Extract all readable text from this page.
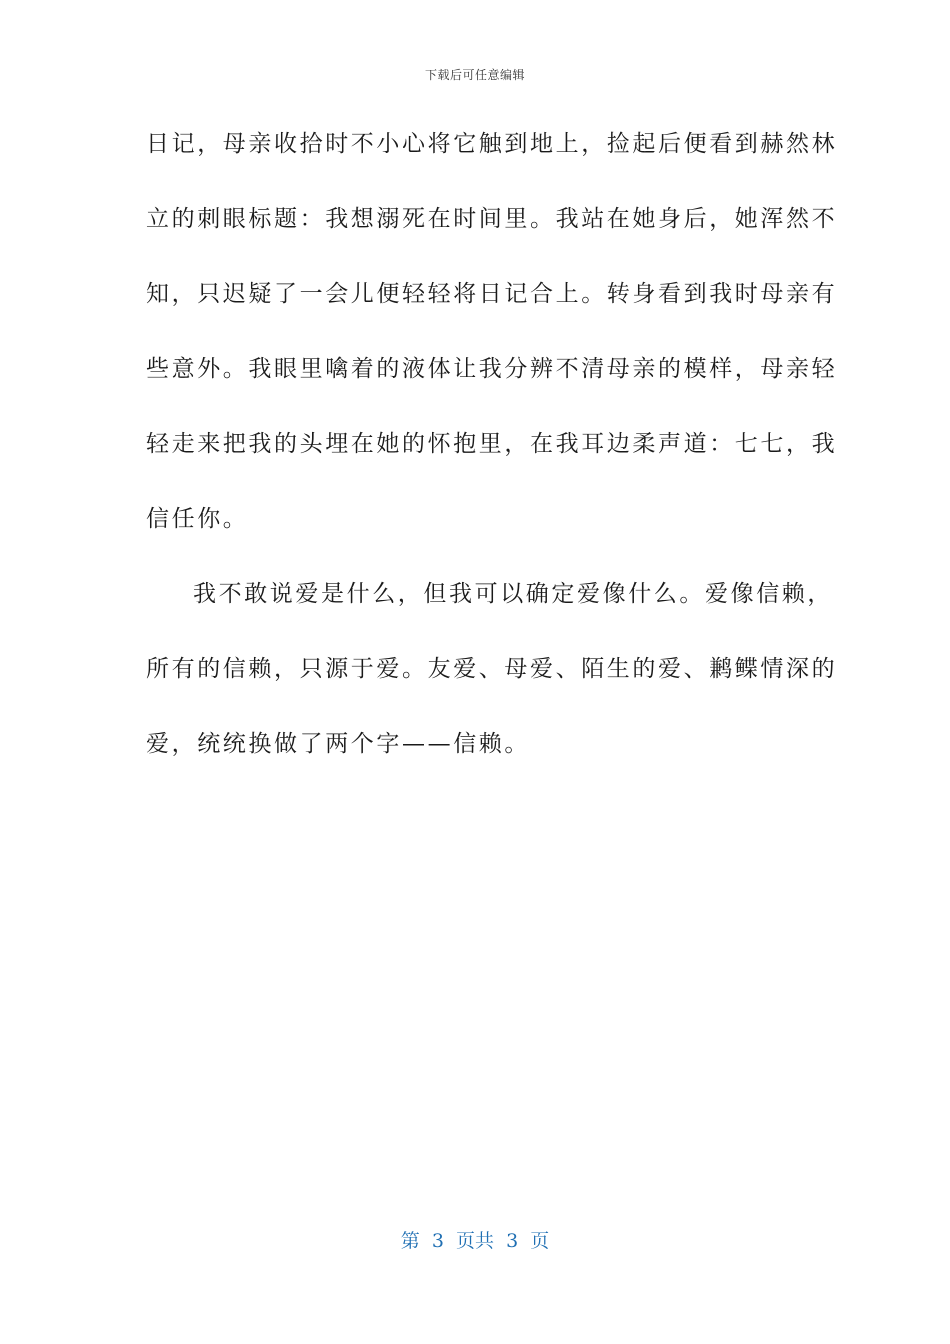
下载后可任意编辑
日记，母亲收拾时不小心将它触到地上，捡起后便看到赫然林
立的刺眼标题：我想溺死在时间里。我站在她身后，她浑然不
知，只迟疑了一会儿便轻轻将日记合上。转身看到我时母亲有
些意外。我眼里噙着的液体让我分辨不清母亲的模样，母亲轻
轻走来把我的头埋在她的怀抱里，在我耳边柔声道：七七，我
信任你。
我不敢说爱是什么，但我可以确定爱像什么。爱像信赖，
所有的信赖，只源于爱。友爱、母爱、陌生的爱、鹣鲽情深的
爱，统统换做了两个字——信赖。
第  3  页共  3  页
